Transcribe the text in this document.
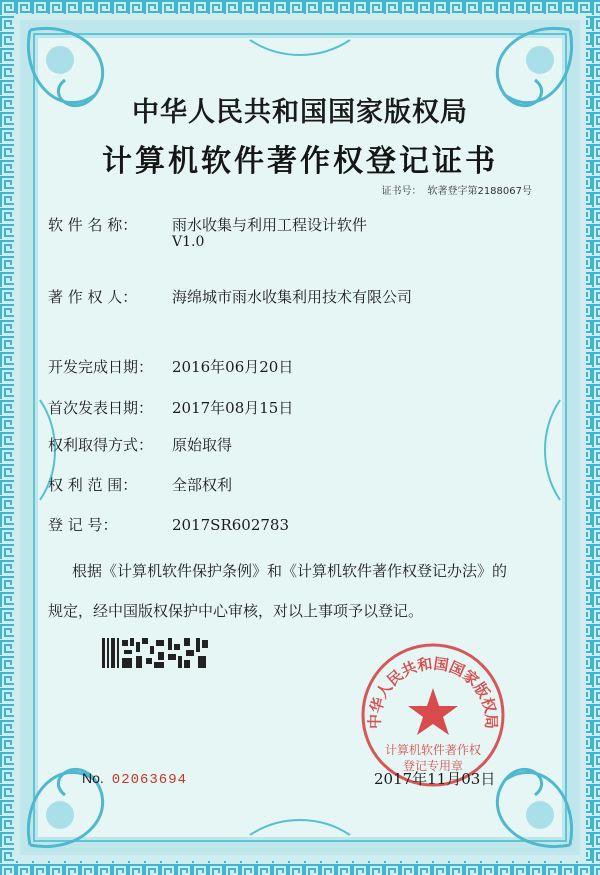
中华人民共和国国家版权局
计算机软件著作权登记证书
证书号： 软著登字第2188067号
软 件 名 称： 雨水收集与利用工程设计软件
V1.0
著 作 权 人： 海绵城市雨水收集利用技术有限公司
开发完成日期： 2016年06月20日
首次发表日期： 2017年08月15日
权利取得方式： 原始取得
权 利 范 围： 全部权利
登 记 号：	2017SR602783
根据《计算机软件保护条例》和《计算机软件著作权登记办法》的
规定，经中国版权保护中心审核，对以上事项予以登记。
No. 02063694
中华人民共和国国家版权局
计算机软件著作权
登记专用章
2017年11月03日
